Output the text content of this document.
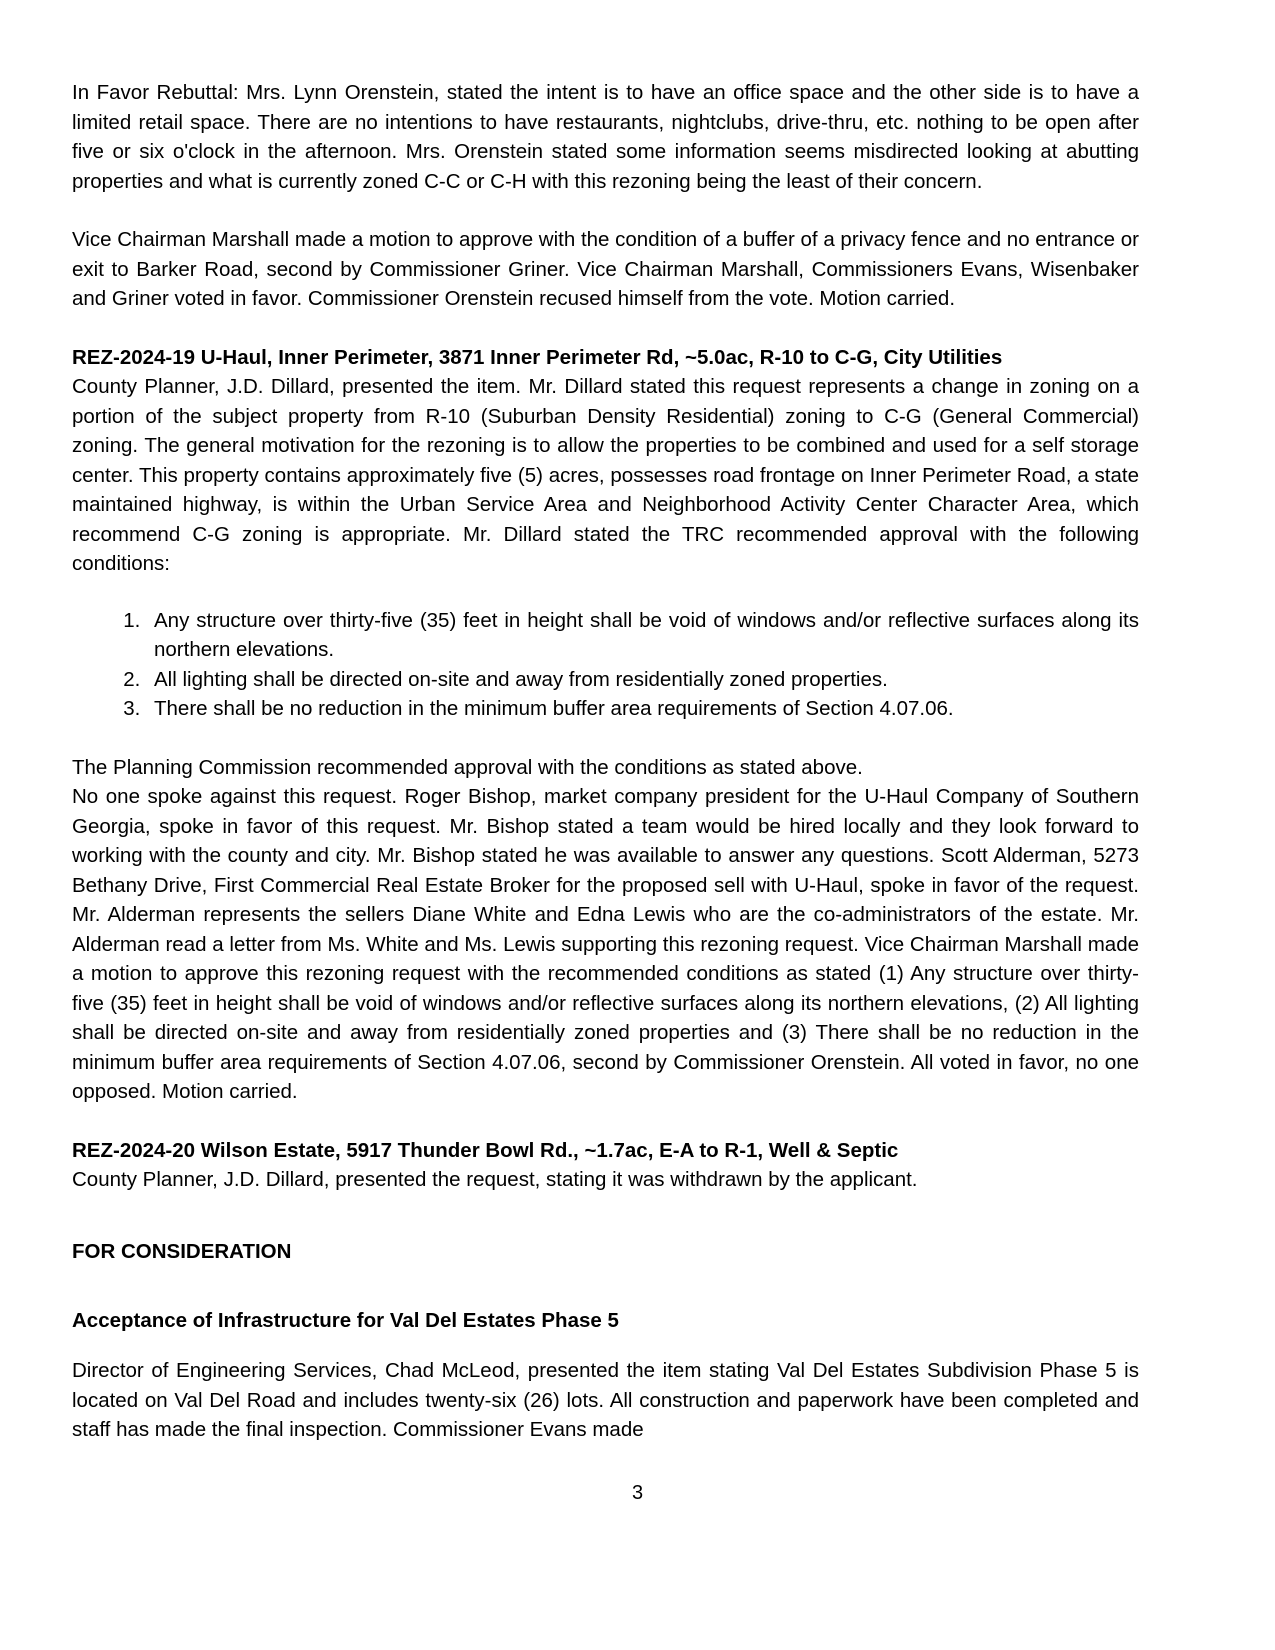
In Favor Rebuttal: Mrs. Lynn Orenstein, stated the intent is to have an office space and the other side is to have a limited retail space. There are no intentions to have restaurants, nightclubs, drive-thru, etc. nothing to be open after five or six o'clock in the afternoon. Mrs. Orenstein stated some information seems misdirected looking at abutting properties and what is currently zoned C-C or C-H with this rezoning being the least of their concern.

Vice Chairman Marshall made a motion to approve with the condition of a buffer of a privacy fence and no entrance or exit to Barker Road, second by Commissioner Griner. Vice Chairman Marshall, Commissioners Evans, Wisenbaker and Griner voted in favor. Commissioner Orenstein recused himself from the vote. Motion carried.

REZ-2024-19 U-Haul, Inner Perimeter, 3871 Inner Perimeter Rd, ~5.0ac, R-10 to C-G, City Utilities

County Planner, J.D. Dillard, presented the item. Mr. Dillard stated this request represents a change in zoning on a portion of the subject property from R-10 (Suburban Density Residential) zoning to C-G (General Commercial) zoning. The general motivation for the rezoning is to allow the properties to be combined and used for a self storage center. This property contains approximately five (5) acres, possesses road frontage on Inner Perimeter Road, a state maintained highway, is within the Urban Service Area and Neighborhood Activity Center Character Area, which recommend C-G zoning is appropriate. Mr. Dillard stated the TRC recommended approval with the following conditions:

1. Any structure over thirty-five (35) feet in height shall be void of windows and/or reflective surfaces along its northern elevations.
2. All lighting shall be directed on-site and away from residentially zoned properties.
3. There shall be no reduction in the minimum buffer area requirements of Section 4.07.06.

The Planning Commission recommended approval with the conditions as stated above.

No one spoke against this request. Roger Bishop, market company president for the U-Haul Company of Southern Georgia, spoke in favor of this request. Mr. Bishop stated a team would be hired locally and they look forward to working with the county and city. Mr. Bishop stated he was available to answer any questions. Scott Alderman, 5273 Bethany Drive, First Commercial Real Estate Broker for the proposed sell with U-Haul, spoke in favor of the request. Mr. Alderman represents the sellers Diane White and Edna Lewis who are the co-administrators of the estate. Mr. Alderman read a letter from Ms. White and Ms. Lewis supporting this rezoning request. Vice Chairman Marshall made a motion to approve this rezoning request with the recommended conditions as stated (1) Any structure over thirty-five (35) feet in height shall be void of windows and/or reflective surfaces along its northern elevations, (2) All lighting shall be directed on-site and away from residentially zoned properties and (3) There shall be no reduction in the minimum buffer area requirements of Section 4.07.06, second by Commissioner Orenstein. All voted in favor, no one opposed. Motion carried.

REZ-2024-20 Wilson Estate, 5917 Thunder Bowl Rd., ~1.7ac, E-A to R-1, Well & Septic

County Planner, J.D. Dillard, presented the request, stating it was withdrawn by the applicant.

FOR CONSIDERATION

Acceptance of Infrastructure for Val Del Estates Phase 5

Director of Engineering Services, Chad McLeod, presented the item stating Val Del Estates Subdivision Phase 5 is located on Val Del Road and includes twenty-six (26) lots. All construction and paperwork have been completed and staff has made the final inspection. Commissioner Evans made

3
